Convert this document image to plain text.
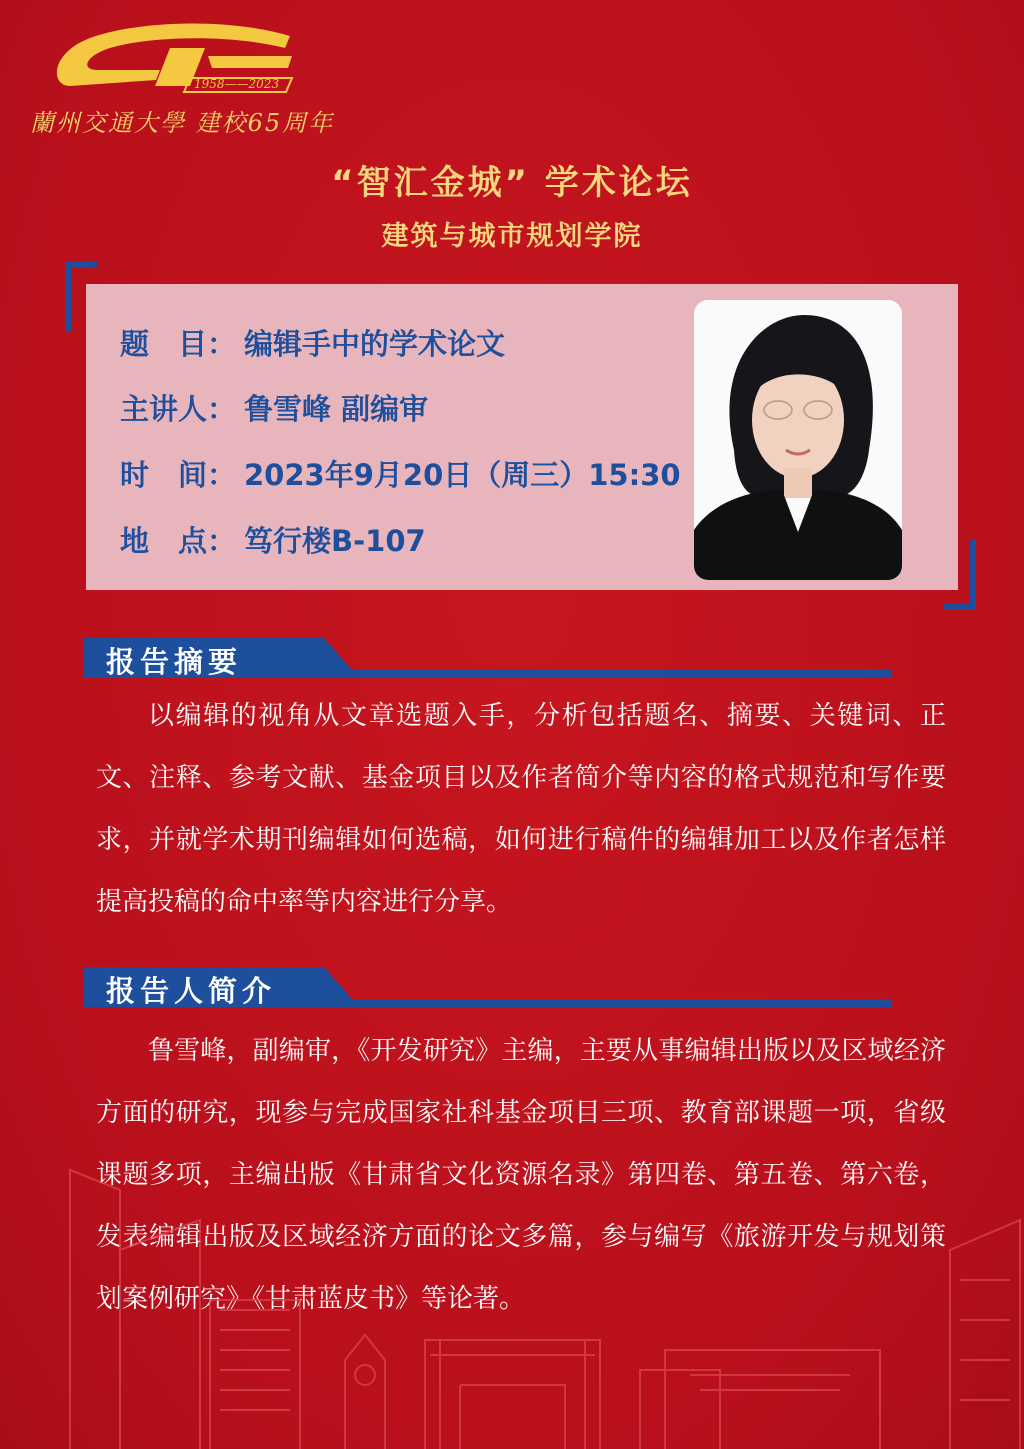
1958——2023
蘭州交通大學 建校65周年
“智汇金城” 学术论坛
建筑与城市规划学院
题　目： 编辑手中的学术论文
主讲人： 鲁雪峰 副编审
时　间： 2023年9月20日（周三）15:30
地　点： 笃行楼B-107
报告摘要
以编辑的视角从文章选题入手，分析包括题名、摘要、关键词、正文、注释、参考文献、基金项目以及作者简介等内容的格式规范和写作要求，并就学术期刊编辑如何选稿，如何进行稿件的编辑加工以及作者怎样提高投稿的命中率等内容进行分享。
报告人简介
鲁雪峰，副编审，《开发研究》主编，主要从事编辑出版以及区域经济方面的研究，现参与完成国家社科基金项目三项、教育部课题一项，省级课题多项，主编出版《甘肃省文化资源名录》第四卷、第五卷、第六卷，发表编辑出版及区域经济方面的论文多篇，参与编写《旅游开发与规划策划案例研究》《甘肃蓝皮书》等论著。
